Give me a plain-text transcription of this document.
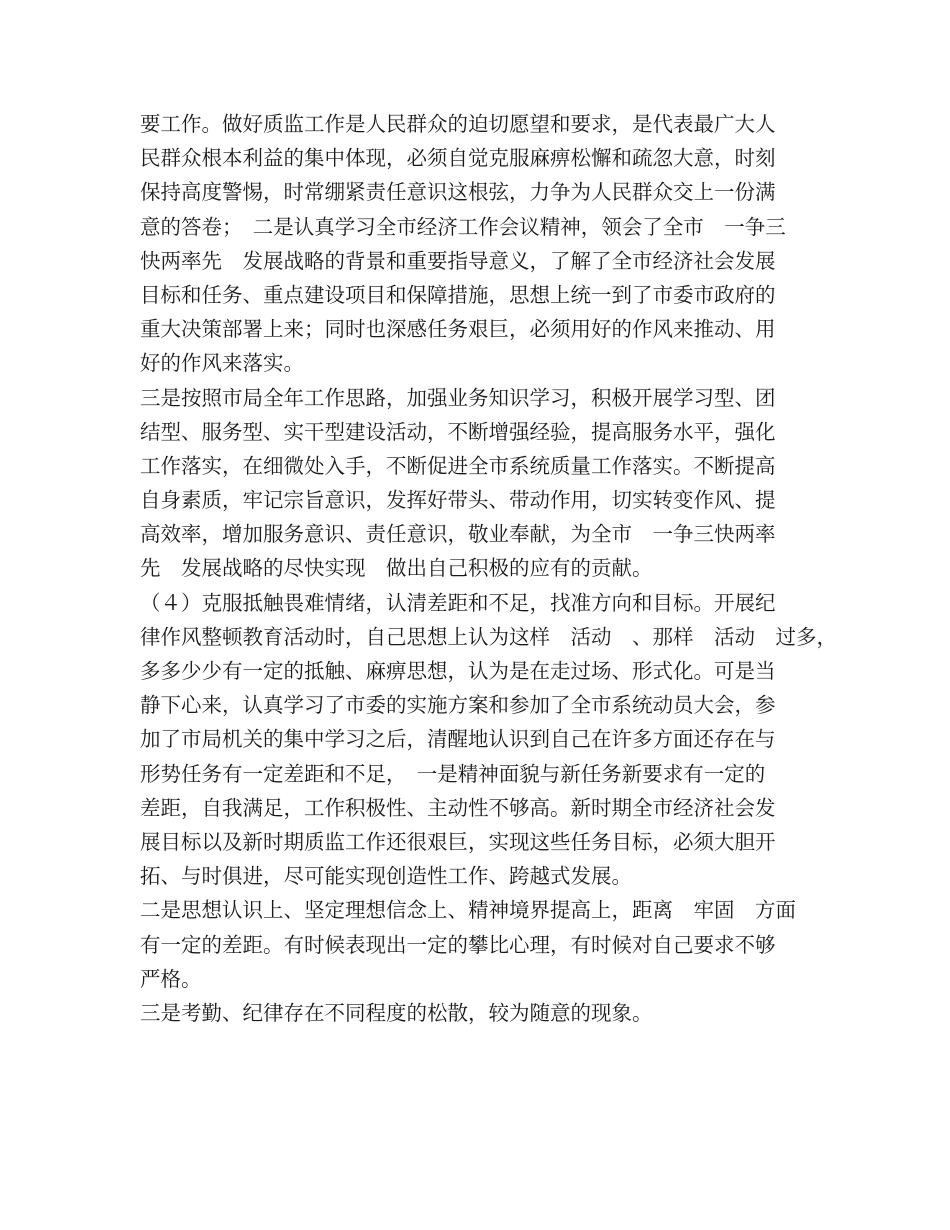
要工作。做好质监工作是人民群众的迫切愿望和要求，是代表最广大人
民群众根本利益的集中体现，必须自觉克服麻痹松懈和疏忽大意，时刻
保持高度警惕，时常绷紧责任意识这根弦，力争为人民群众交上一份满
意的答卷；　二是认真学习全市经济工作会议精神，领会了全市　一争三
快两率先　发展战略的背景和重要指导意义，了解了全市经济社会发展
目标和任务、重点建设项目和保障措施，思想上统一到了市委市政府的
重大决策部署上来；同时也深感任务艰巨，必须用好的作风来推动、用
好的作风来落实。
三是按照市局全年工作思路，加强业务知识学习，积极开展学习型、团
结型、服务型、实干型建设活动，不断增强经验，提高服务水平，强化
工作落实，在细微处入手，不断促进全市系统质量工作落实。不断提高
自身素质，牢记宗旨意识，发挥好带头、带动作用，切实转变作风、提
高效率，增加服务意识、责任意识，敬业奉献，为全市　一争三快两率
先　发展战略的尽快实现　做出自己积极的应有的贡献。
（４）克服抵触畏难情绪，认清差距和不足，找准方向和目标。开展纪
律作风整顿教育活动时，自己思想上认为这样　活动　、那样　活动　过多，
多多少少有一定的抵触、麻痹思想，认为是在走过场、形式化。可是当
静下心来，认真学习了市委的实施方案和参加了全市系统动员大会，参
加了市局机关的集中学习之后，清醒地认识到自己在许多方面还存在与
形势任务有一定差距和不足，　一是精神面貌与新任务新要求有一定的
差距，自我满足，工作积极性、主动性不够高。新时期全市经济社会发
展目标以及新时期质监工作还很艰巨，实现这些任务目标，必须大胆开
拓、与时俱进，尽可能实现创造性工作、跨越式发展。
二是思想认识上、坚定理想信念上、精神境界提高上，距离　牢固　方面
有一定的差距。有时候表现出一定的攀比心理，有时候对自己要求不够
严格。
三是考勤、纪律存在不同程度的松散，较为随意的现象。
